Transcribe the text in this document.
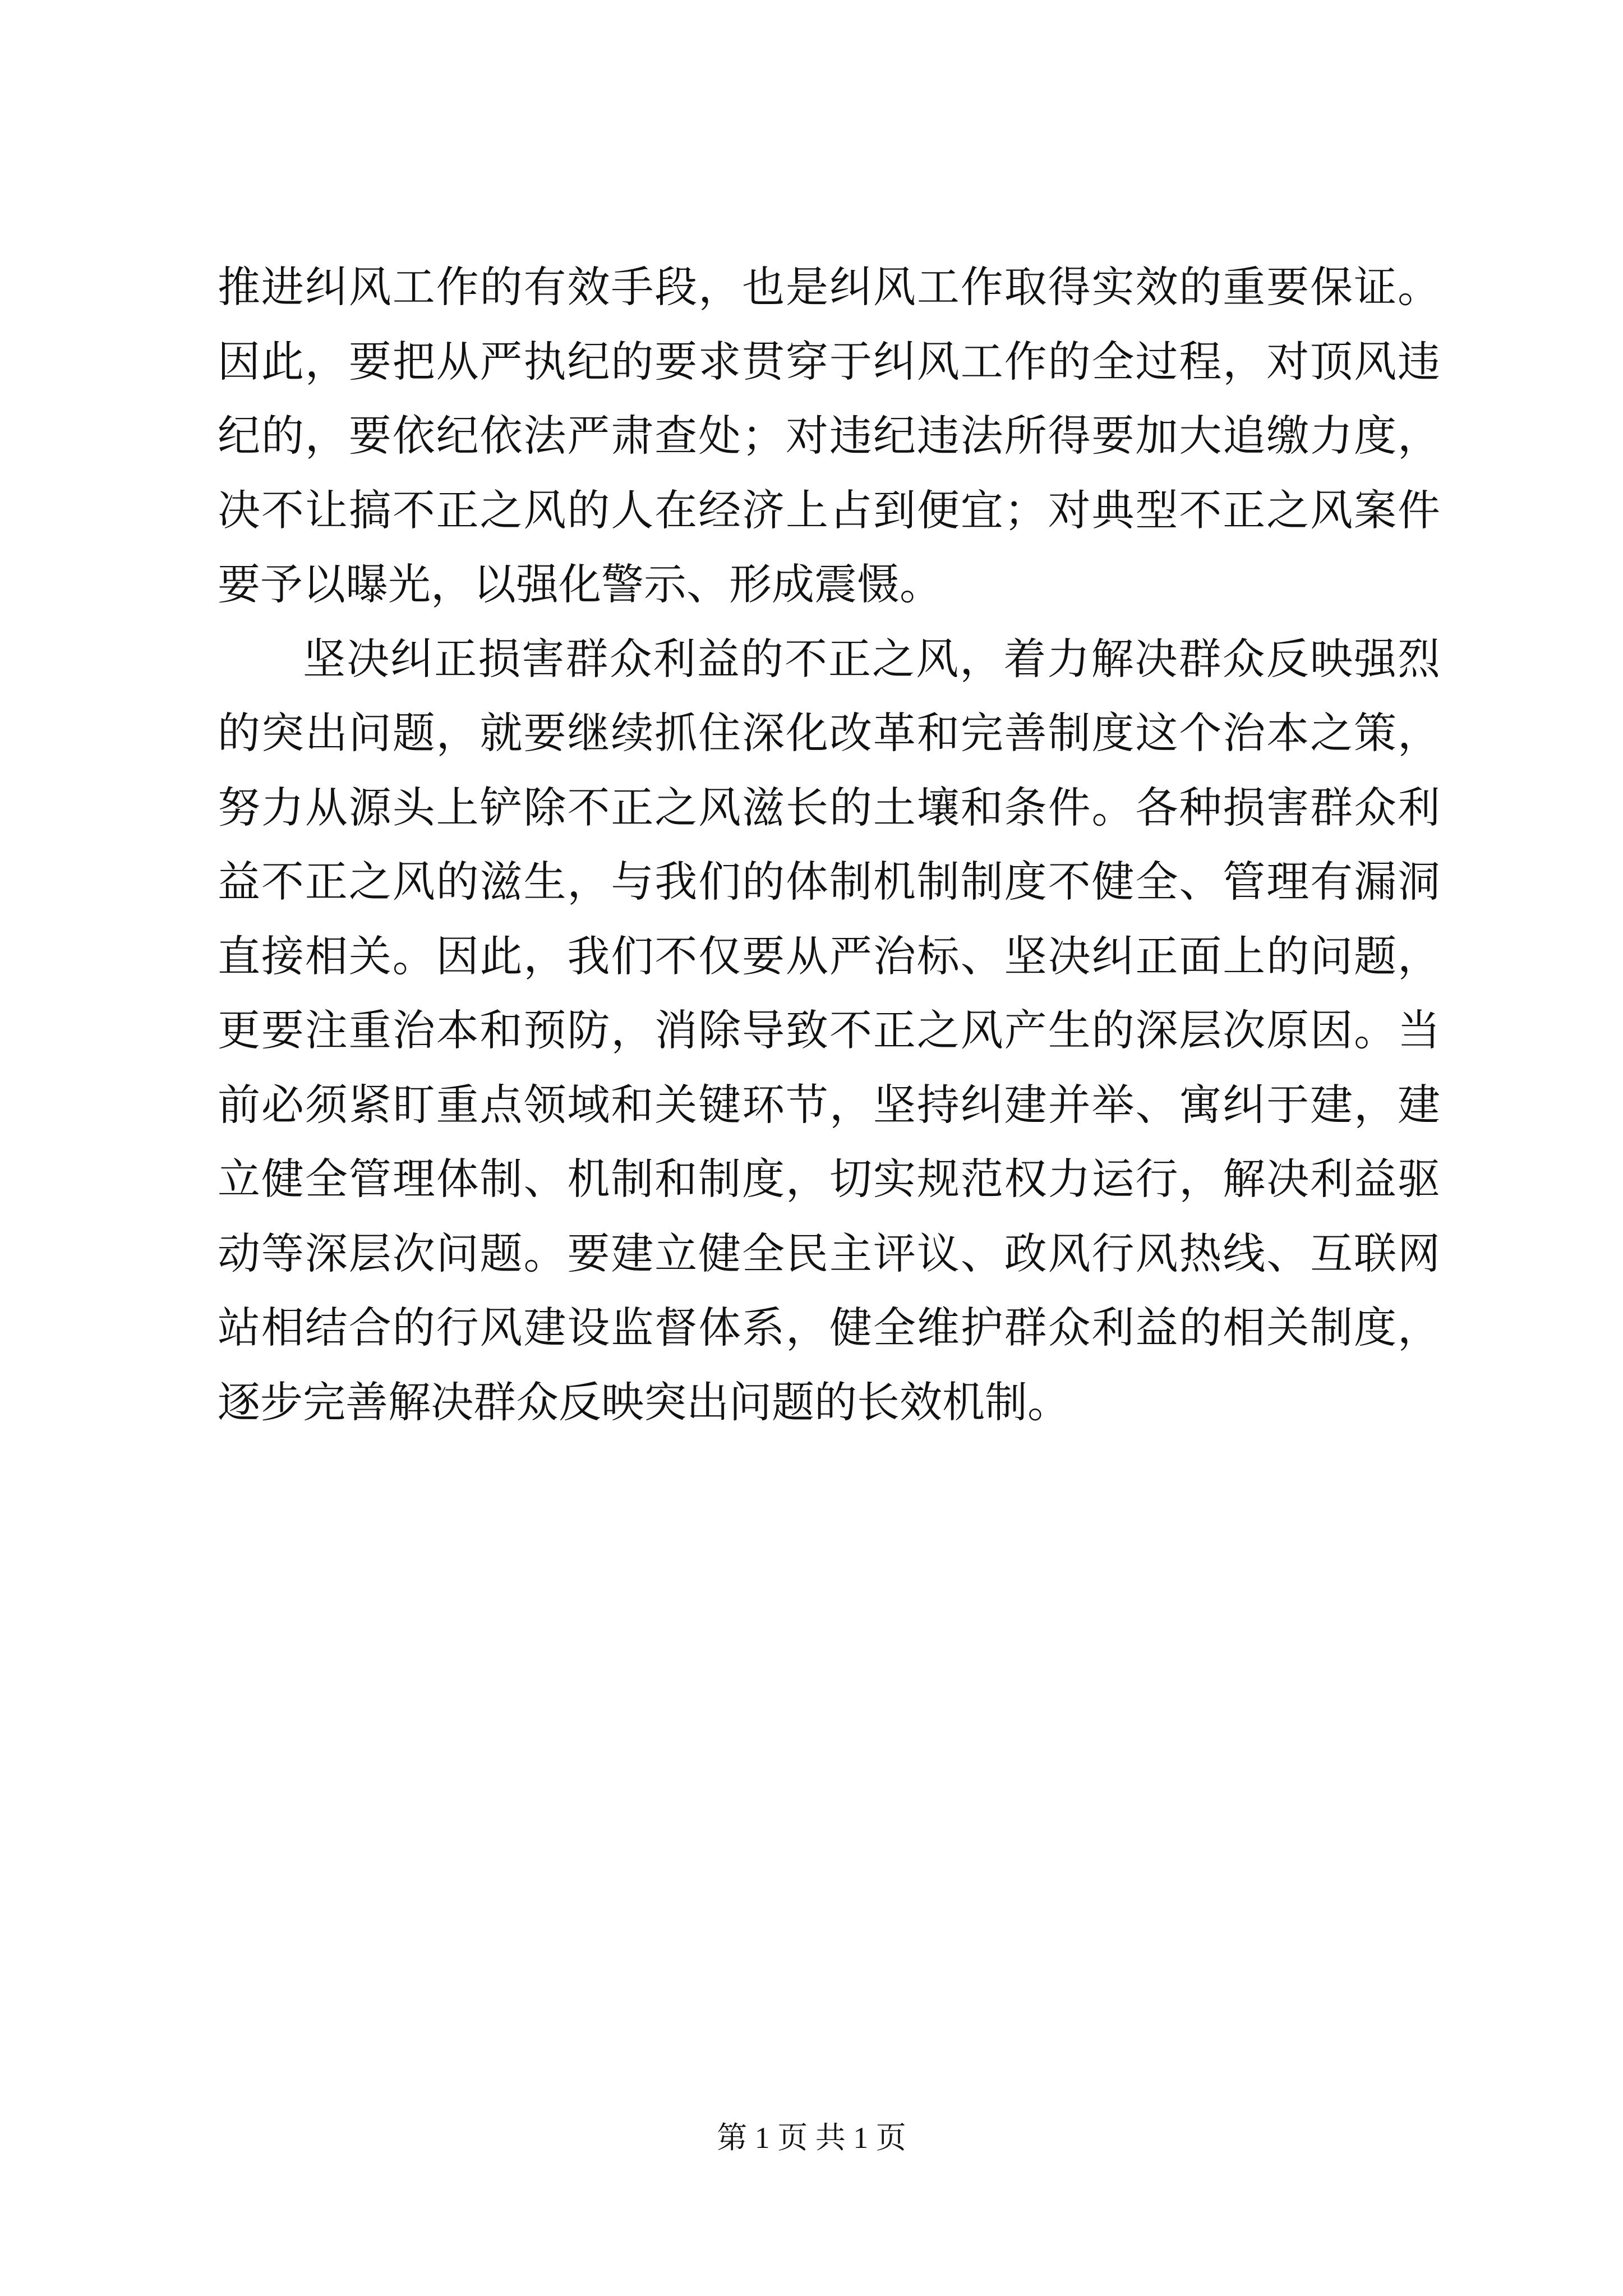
推进纠风工作的有效手段，也是纠风工作取得实效的重要保证。
因此，要把从严执纪的要求贯穿于纠风工作的全过程，对顶风违
纪的，要依纪依法严肃查处；对违纪违法所得要加大追缴力度，
决不让搞不正之风的人在经济上占到便宜；对典型不正之风案件
要予以曝光，以强化警示、形成震慑。
坚决纠正损害群众利益的不正之风，着力解决群众反映强烈
的突出问题，就要继续抓住深化改革和完善制度这个治本之策，
努力从源头上铲除不正之风滋长的土壤和条件。各种损害群众利
益不正之风的滋生，与我们的体制机制制度不健全、管理有漏洞
直接相关。因此，我们不仅要从严治标、坚决纠正面上的问题，
更要注重治本和预防，消除导致不正之风产生的深层次原因。当
前必须紧盯重点领域和关键环节，坚持纠建并举、寓纠于建，建
立健全管理体制、机制和制度，切实规范权力运行，解决利益驱
动等深层次问题。要建立健全民主评议、政风行风热线、互联网
站相结合的行风建设监督体系，健全维护群众利益的相关制度，
逐步完善解决群众反映突出问题的长效机制。
第 1 页 共 1 页
